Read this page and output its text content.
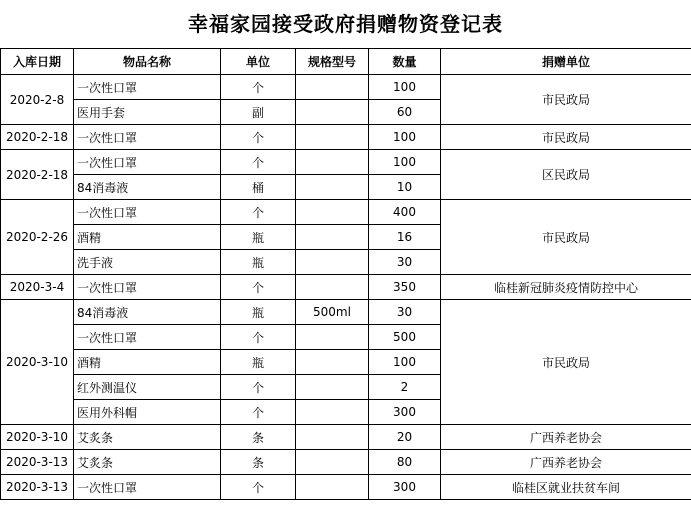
幸福家园接受政府捐赠物资登记表
入库日期	物品名称	单位	规格型号	数量	捐赠单位
2020-2-8	一次性口罩	个		100	市民政局
	医用手套	副		60	
2020-2-18	一次性口罩	个		100	市民政局
2020-2-18	一次性口罩	个		100	区民政局
	84消毒液	桶		10	
2020-2-26	一次性口罩	个		400	市民政局
	酒精	瓶		16	
	洗手液	瓶		30	
2020-3-4	一次性口罩	个		350	临桂新冠肺炎疫情防控中心
2020-3-10	84消毒液	瓶	500ml	30	市民政局
	一次性口罩	个		500	
	酒精	瓶		100	
	红外测温仪	个		2	
	医用外科帽	个		300	
2020-3-10	艾炙条	条		20	广西养老协会
2020-3-13	艾炙条	条		80	广西养老协会
2020-3-13	一次性口罩	个		300	临桂区就业扶贫车间
